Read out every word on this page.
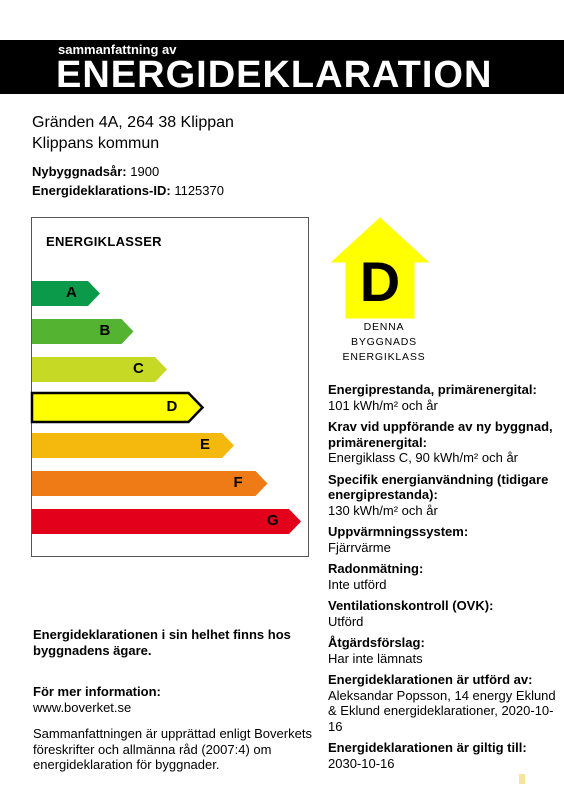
sammanfattning av
ENERGIDEKLARATION
Gränden 4A, 264 38 Klippan
Klippans kommun
Nybyggnadsår: 1900
Energideklarations-ID: 1125370
ENERGIKLASSER
A
B
C
D
E
F
G
D
DENNA BYGGNADS
ENERGIKLASS
Energiprestanda, primärenergital:
101 kWh/m² och år
Krav vid uppförande av ny byggnad, primärenergital:
Energiklass C, 90 kWh/m² och år
Specifik energianvändning (tidigare energiprestanda):
130 kWh/m² och år
Uppvärmningssystem:
Fjärrvärme
Radonmätning:
Inte utförd
Ventilationskontroll (OVK):
Utförd
Åtgärdsförslag:
Har inte lämnats
Energideklarationen är utförd av:
Aleksandar Popsson, 14 energy Eklund & Eklund energideklarationer, 2020-10-16
Energideklarationen är giltig till:
2030-10-16
Energideklarationen i sin helhet finns hos byggnadens ägare.
För mer information:
www.boverket.se
Sammanfattningen är upprättad enligt Boverkets föreskrifter och allmänna råd (2007:4) om energideklaration för byggnader.
